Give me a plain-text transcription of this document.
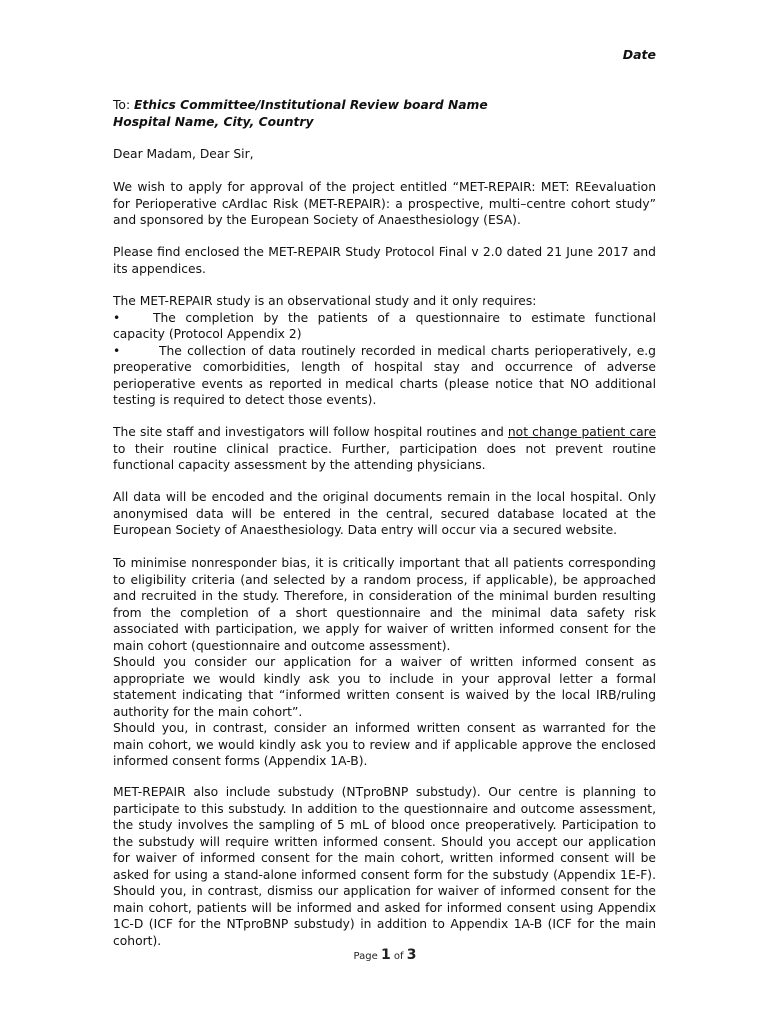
Date

To: Ethics Committee/Institutional Review board Name

Hospital Name, City, Country

Dear Madam, Dear Sir,

We wish to apply for approval of the project entitled “MET-REPAIR: MET: REevaluation for Perioperative cArdIac Risk (MET-REPAIR): a prospective, multi–centre cohort study” and sponsored by the European Society of Anaesthesiology (ESA).

Please find enclosed the MET-REPAIR Study Protocol Final v 2.0 dated 21 June 2017 and its appendices.

The MET-REPAIR study is an observational study and it only requires:

•	The completion by the patients of a questionnaire to estimate functional capacity (Protocol Appendix 2)

•	The collection of data routinely recorded in medical charts perioperatively, e.g preoperative comorbidities, length of hospital stay and occurrence of adverse perioperative events as reported in medical charts (please notice that NO additional testing is required to detect those events).

The site staff and investigators will follow hospital routines and not change patient care to their routine clinical practice. Further, participation does not prevent routine functional capacity assessment by the attending physicians.

All data will be encoded and the original documents remain in the local hospital. Only anonymised data will be entered in the central, secured database located at the European Society of Anaesthesiology. Data entry will occur via a secured website.

To minimise nonresponder bias, it is critically important that all patients corresponding to eligibility criteria (and selected by a random process, if applicable), be approached and recruited in the study. Therefore, in consideration of the minimal burden resulting from the completion of a short questionnaire and the minimal data safety risk associated with participation, we apply for waiver of written informed consent for the main cohort (questionnaire and outcome assessment).

Should you consider our application for a waiver of written informed consent as appropriate we would kindly ask you to include in your approval letter a formal statement indicating that “informed written consent is waived by the local IRB/ruling authority for the main cohort”.

Should you, in contrast, consider an informed written consent as warranted for the main cohort, we would kindly ask you to review and if applicable approve the enclosed informed consent forms (Appendix 1A-B).

MET-REPAIR also include substudy (NTproBNP substudy). Our centre is planning to participate to this substudy. In addition to the questionnaire and outcome assessment, the study involves the sampling of 5 mL of blood once preoperatively. Participation to the substudy will require written informed consent. Should you accept our application for waiver of informed consent for the main cohort, written informed consent will be asked for using a stand-alone informed consent form for the substudy (Appendix 1E-F). Should you, in contrast, dismiss our application for waiver of informed consent for the main cohort, patients will be informed and asked for informed consent using Appendix 1C-D (ICF for the NTproBNP substudy) in addition to Appendix 1A-B (ICF for the main cohort).

Page 1 of 3
